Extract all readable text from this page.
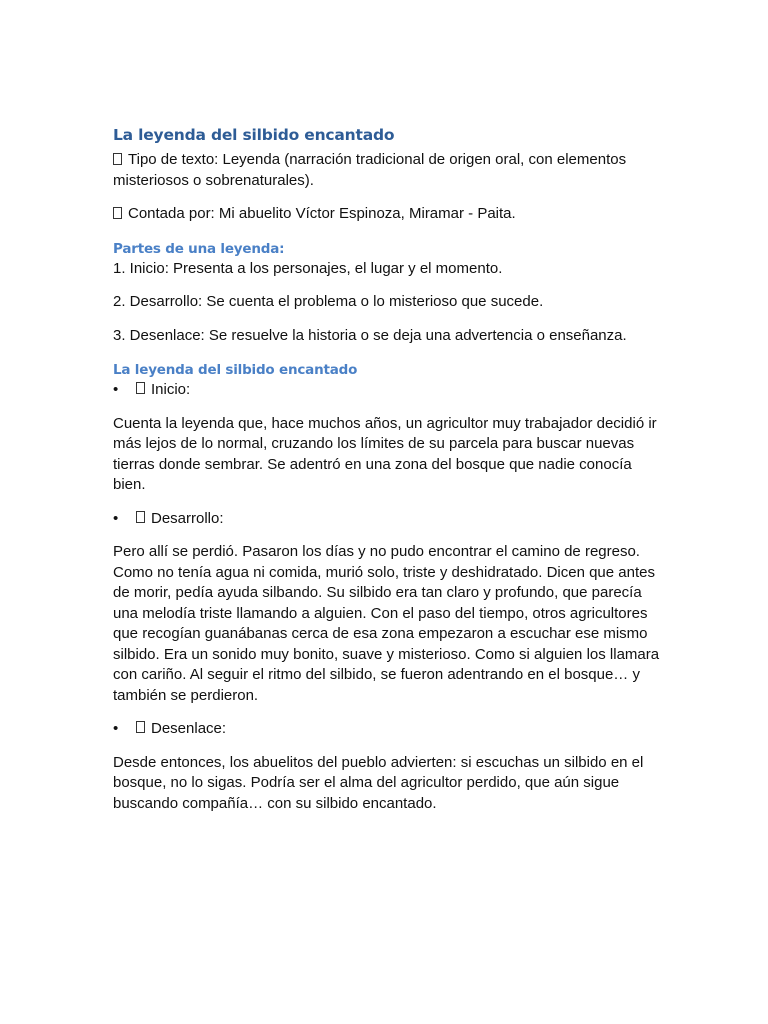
La leyenda del silbido encantado

Tipo de texto: Leyenda (narración tradicional de origen oral, con elementos misteriosos o sobrenaturales).

Contada por: Mi abuelito Víctor Espinoza, Miramar - Paita.

Partes de una leyenda:

1. Inicio: Presenta a los personajes, el lugar y el momento.

2. Desarrollo: Se cuenta el problema o lo misterioso que sucede.

3. Desenlace: Se resuelve la historia o se deja una advertencia o enseñanza.

La leyenda del silbido encantado
•	Inicio:

Cuenta la leyenda que, hace muchos años, un agricultor muy trabajador decidió ir más lejos de lo normal, cruzando los límites de su parcela para buscar nuevas tierras donde sembrar. Se adentró en una zona del bosque que nadie conocía bien.

•	Desarrollo:

Pero allí se perdió. Pasaron los días y no pudo encontrar el camino de regreso. Como no tenía agua ni comida, murió solo, triste y deshidratado. Dicen que antes de morir, pedía ayuda silbando. Su silbido era tan claro y profundo, que parecía una melodía triste llamando a alguien. Con el paso del tiempo, otros agricultores que recogían guanábanas cerca de esa zona empezaron a escuchar ese mismo silbido. Era un sonido muy bonito, suave y misterioso. Como si alguien los llamara con cariño. Al seguir el ritmo del silbido, se fueron adentrando en el bosque… y también se perdieron.

•	Desenlace:

Desde entonces, los abuelitos del pueblo advierten: si escuchas un silbido en el bosque, no lo sigas. Podría ser el alma del agricultor perdido, que aún sigue buscando compañía… con su silbido encantado.
